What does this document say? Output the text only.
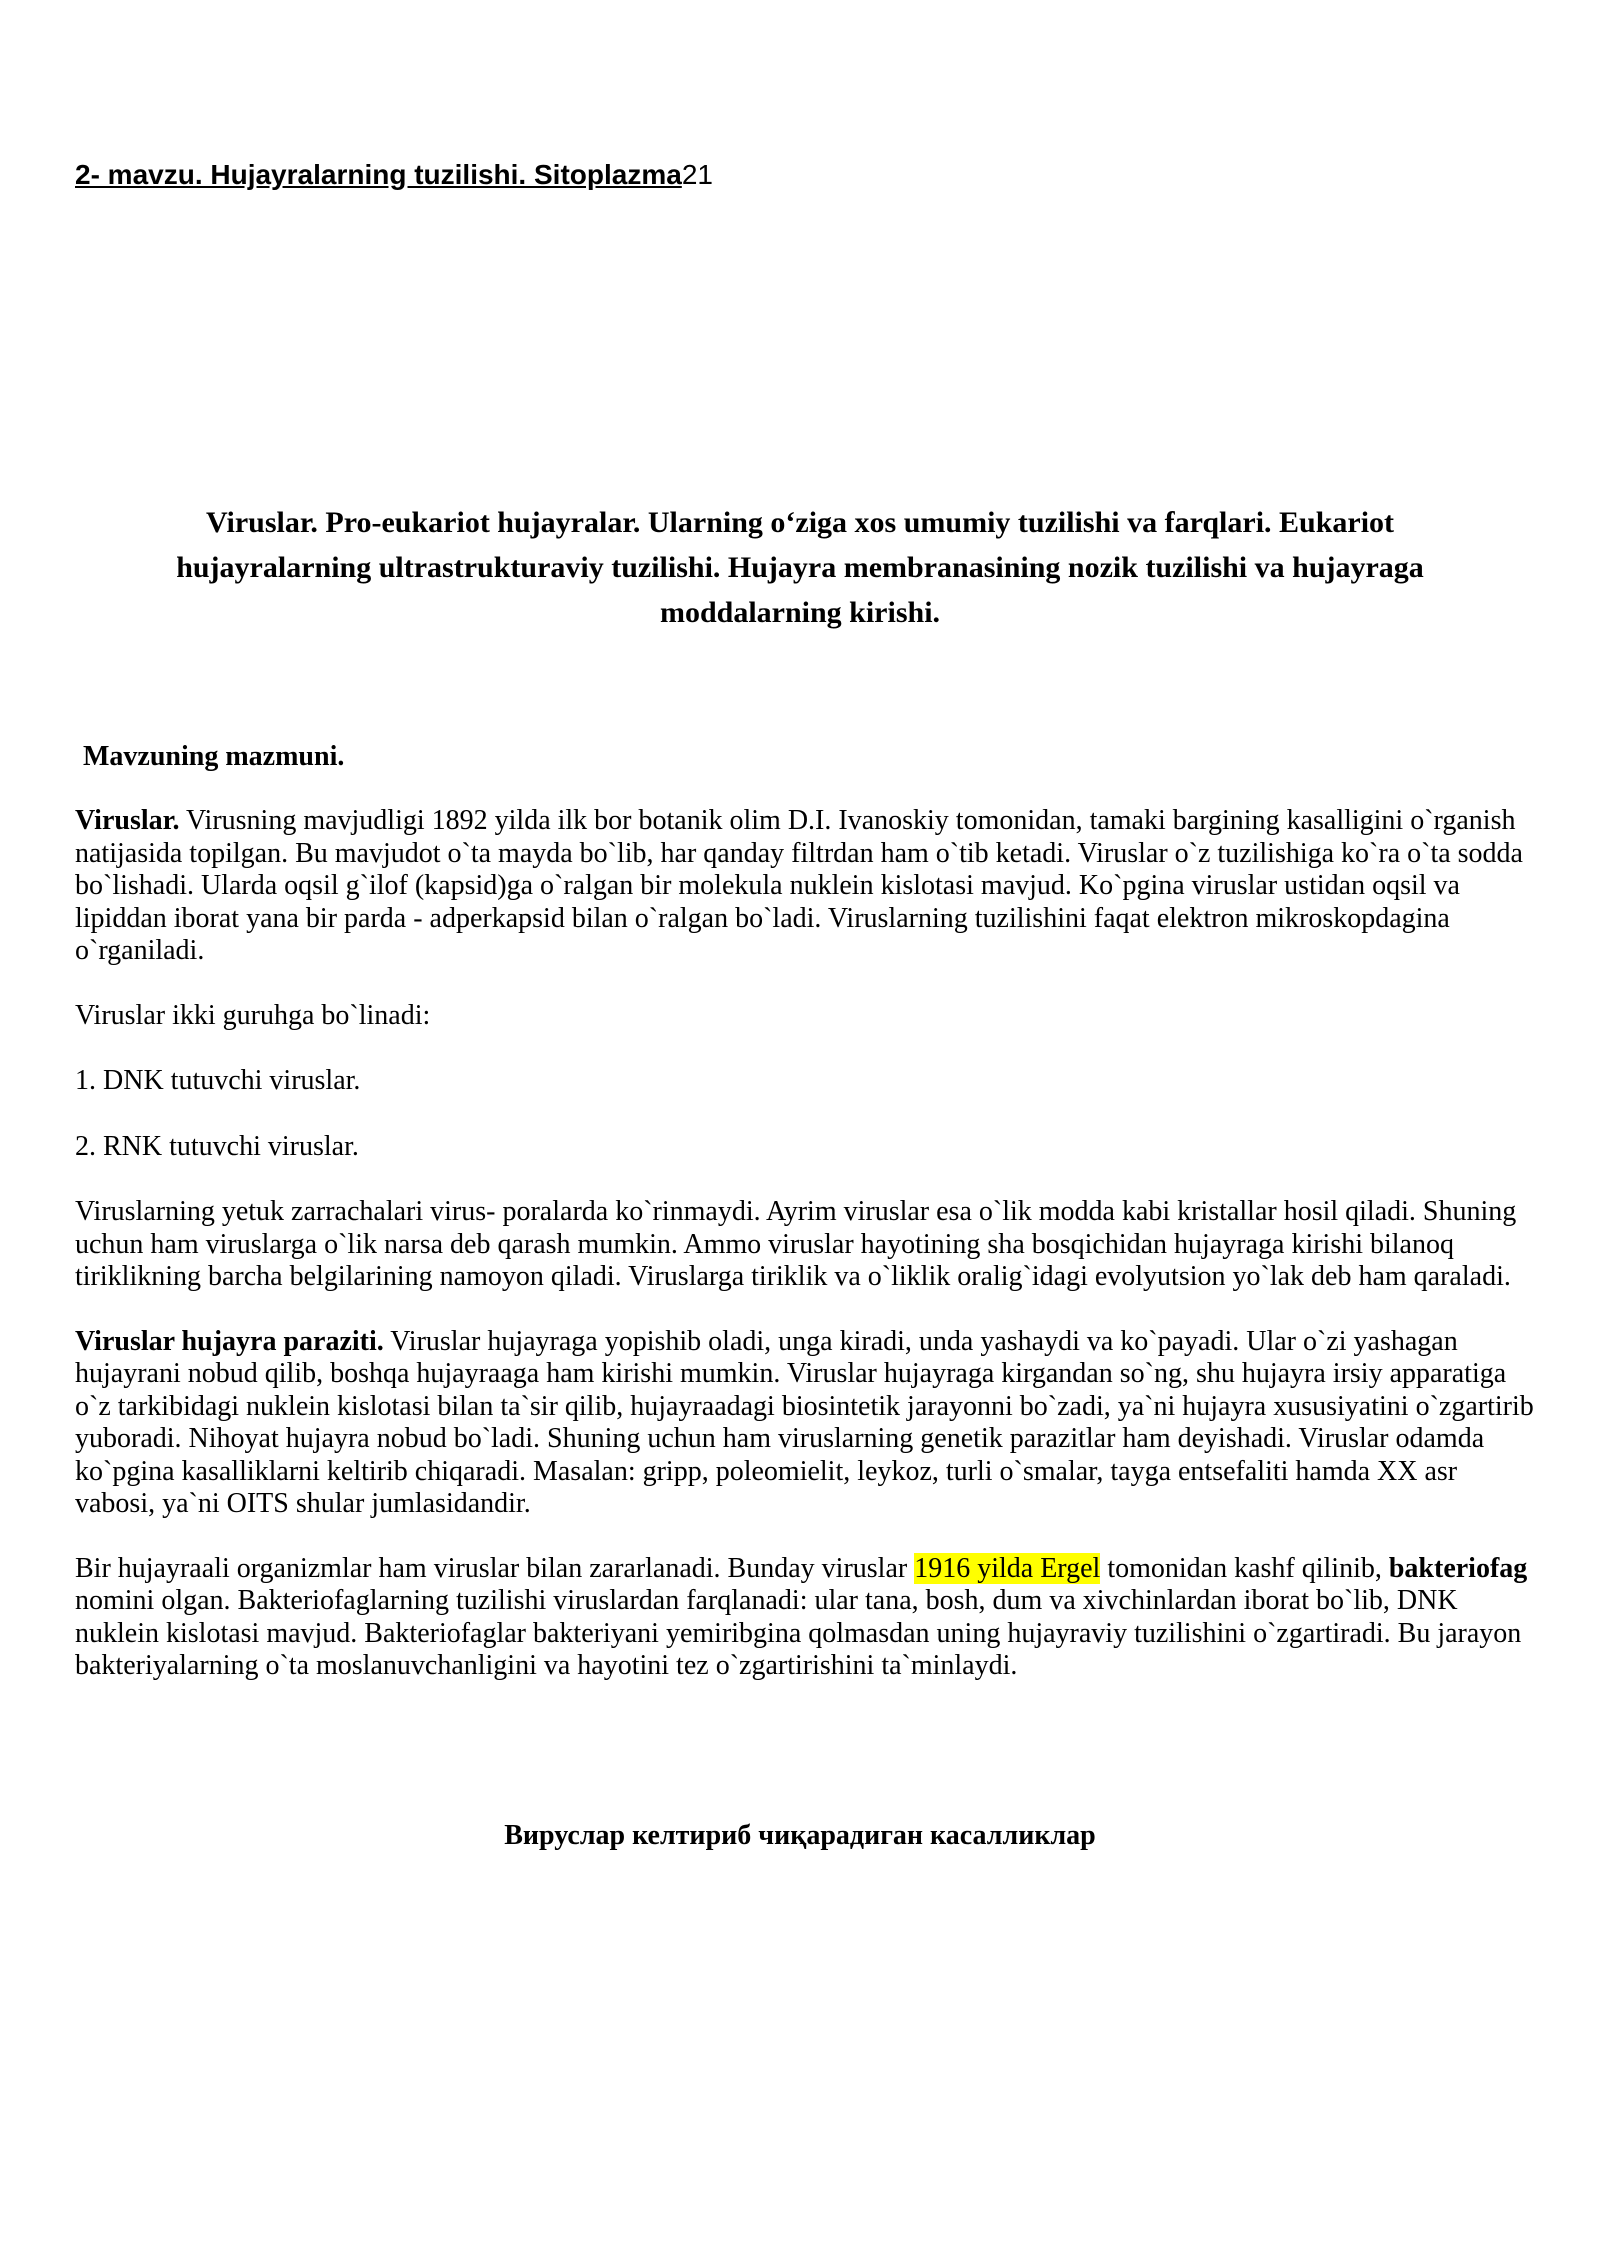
2- mavzu. Hujayralarning tuzilishi. Sitoplazma21
Viruslar. Pro-eukariot hujayralar. Ularning o‘ziga xos umumiy tuzilishi va farqlari. Eukariot hujayralarning ultrastrukturaviy tuzilishi. Hujayra membranasining nozik tuzilishi va hujayraga moddalarning kirishi.
Mavzuning mazmuni.

Viruslar. Virusning mavjudligi 1892 yilda ilk bor botanik olim D.I. Ivanoskiy tomonidan, tamaki bargining kasalligini o`rganish natijasida topilgan. Bu mavjudot o`ta mayda bo`lib, har qanday filtrdan ham o`tib ketadi. Viruslar o`z tuzilishiga ko`ra o`ta sodda bo`lishadi. Ularda oqsil g`ilof (kapsid)ga o`ralgan bir molekula nuklein kislotasi mavjud. Ko`pgina viruslar ustidan oqsil va lipiddan iborat yana bir parda - adperkapsid bilan o`ralgan bo`ladi. Viruslarning tuzilishini faqat elektron mikroskopdagina o`rganiladi.

Viruslar ikki guruhga bo`linadi:

1. DNK tutuvchi viruslar.

2. RNK tutuvchi viruslar.

Viruslarning yetuk zarrachalari virus- poralarda ko`rinmaydi. Ayrim viruslar esa o`lik modda kabi kristallar hosil qiladi. Shuning uchun ham viruslarga o`lik narsa deb qarash mumkin. Ammo viruslar hayotining sha bosqichidan hujayraga kirishi bilanoq tiriklikning barcha belgilarining namoyon qiladi. Viruslarga tiriklik va o`liklik oralig`idagi evolyutsion yo`lak deb ham qaraladi.

Viruslar hujayra paraziti. Viruslar hujayraga yopishib oladi, unga kiradi, unda yashaydi va ko`payadi. Ular o`zi yashagan hujayrani nobud qilib, boshqa hujayraaga ham kirishi mumkin. Viruslar hujayraga kirgandan so`ng, shu hujayra irsiy apparatiga o`z tarkibidagi nuklein kislotasi bilan ta`sir qilib, hujayraadagi biosintetik jarayonni bo`zadi, ya`ni hujayra xususiyatini o`zgartirib yuboradi. Nihoyat hujayra nobud bo`ladi. Shuning uchun ham viruslarning genetik parazitlar ham deyishadi. Viruslar odamda ko`pgina kasalliklarni keltirib chiqaradi. Masalan: gripp, poleomielit, leykoz, turli o`smalar, tayga entsefaliti hamda XX asr vabosi, ya`ni OITS shular jumlasidandir.

Bir hujayraali organizmlar ham viruslar bilan zararlanadi. Bunday viruslar 1916 yilda Ergel tomonidan kashf qilinib, bakteriofag nomini olgan. Bakteriofaglarning tuzilishi viruslardan farqlanadi: ular tana, bosh, dum va xivchinlardan iborat bo`lib, DNK nuklein kislotasi mavjud. Bakteriofaglar bakteriyani yemiribgina qolmasdan uning hujayraviy tuzilishini o`zgartiradi. Bu jarayon bakteriyalarning o`ta moslanuvchanligini va hayotini tez o`zgartirishini ta`minlaydi.

Вируслар келтириб чиқарадиган касалликлар
